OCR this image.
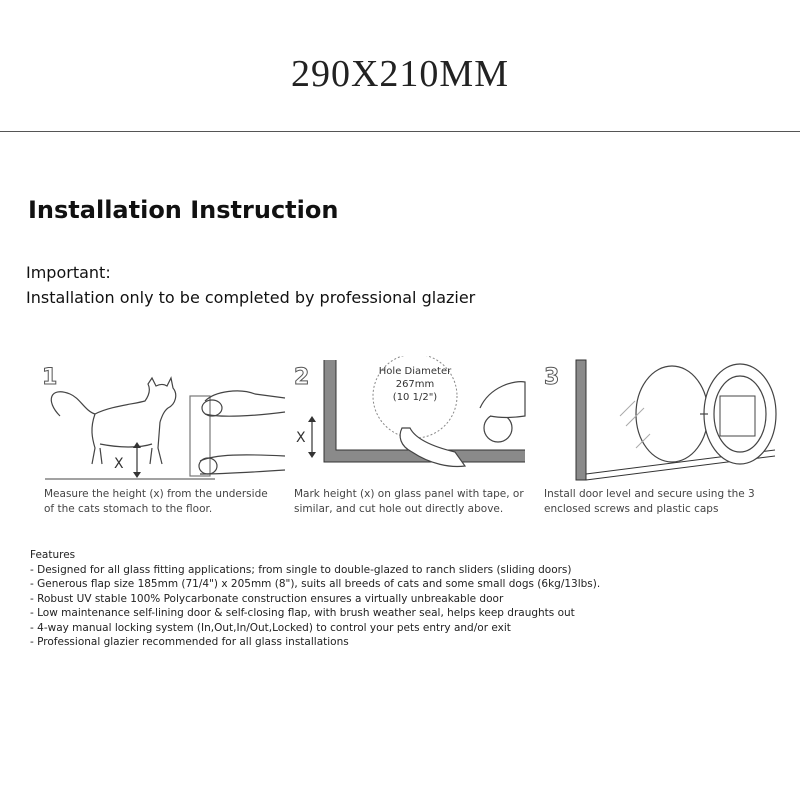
290X210MM
Installation Instruction
Important:
Installation only to be completed by professional glazier
1
X
Measure the height (x) from the underside
of the cats stomach to the floor.
2	Hole Diameter
267mm
(10 1/2")
X
Mark height (x) on glass panel with tape, or
similar, and cut hole out directly above.
3
Install door level and secure using the 3
enclosed screws and plastic caps
Features
- Designed for all glass fitting applications; from single to double-glazed to ranch sliders (sliding doors)
- Generous flap size 185mm (71/4") x 205mm (8"), suits all breeds of cats and some small dogs (6kg/13lbs).
- Robust UV stable 100% Polycarbonate construction ensures a virtually unbreakable door
- Low maintenance self-lining door & self-closing flap, with brush weather seal, helps keep draughts out
- 4-way manual locking system (In,Out,In/Out,Locked) to control your pets entry and/or exit
- Professional glazier recommended for all glass installations
